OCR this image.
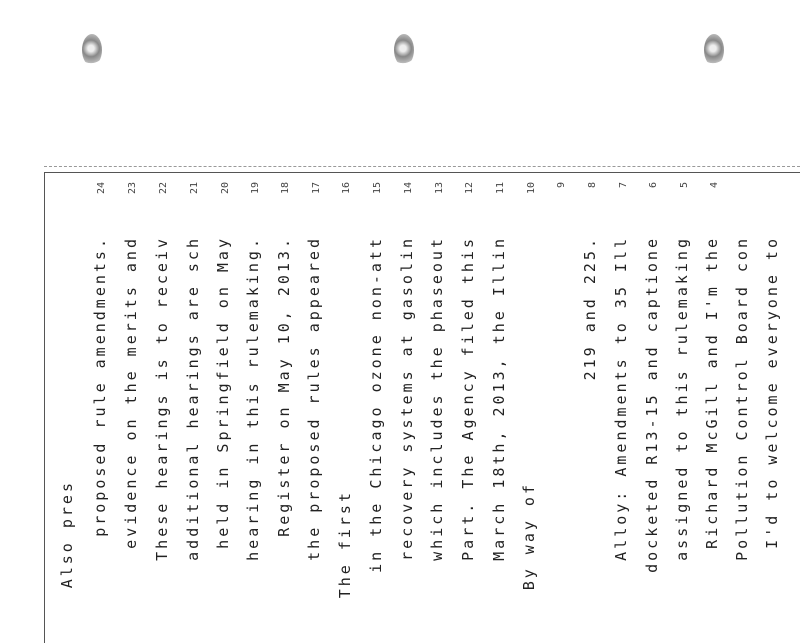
24 23 22 21 20 19 18 17 16 15 14 13 12 11 10 9 8 7 6 5 4
Also pres proposed rule amendments. evidence on the merits and These hearings is to receiv additional hearings are sch held in Springfield on May hearing in this rulemaking. Register on May 10, 2013. the proposed rules appeared The first in the Chicago ozone non-att recovery systems at gasolin which includes the phaseout Part. The Agency filed this March 18th, 2013, the Illin By way of
219 and 225. Alloy: Amendments to 35 Ill docketed R13-15 and captione assigned to this rulemaking Richard McGill and I'm the Pollution Control Board con I'd to welcome everyone to
